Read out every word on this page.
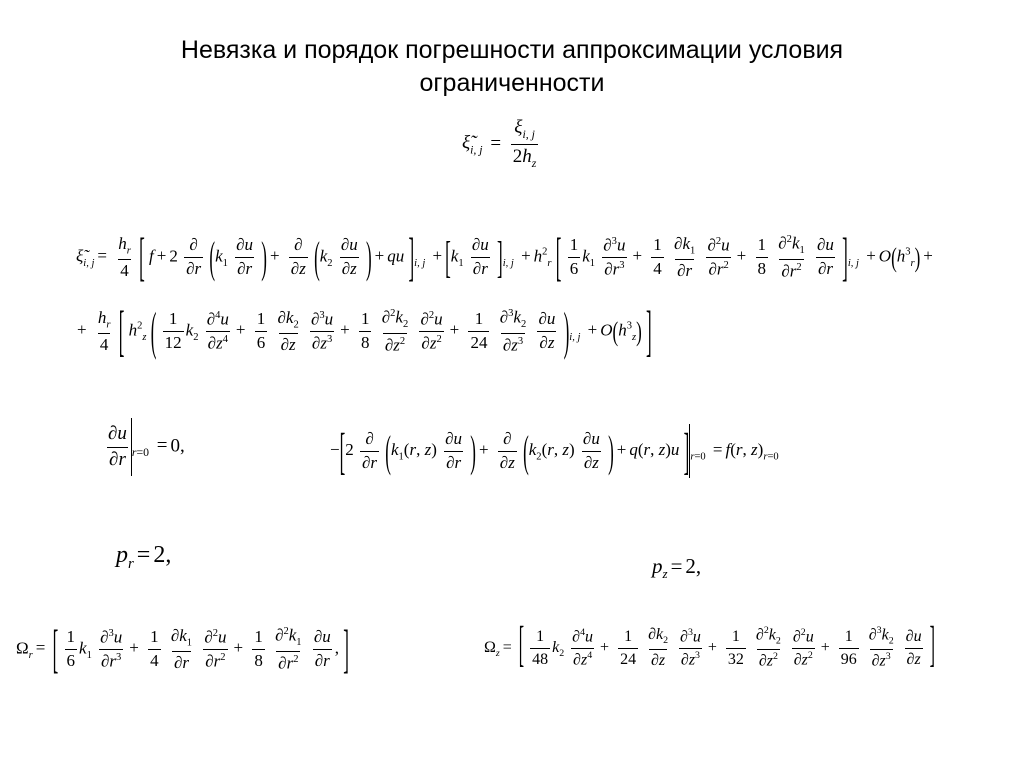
Невязка и порядок погрешности аппроксимации условия ограниченности
$\xĩ_{i, j} = \frac{\xi_{i, j}}{2h_z}$
$\xĩ_{i, j} = \frac{h_r}{4}$ [ f + 2
∂
∂r ($k_1 \frac{\partial u}{\partial r}$ ) +
∂
∂z ($k_2 \frac{\partial u}{\partial z}$ ) + qu ]$_{i, j} + [k_1 \frac{\partial u}{\partial r} ]_{i, j} + h^2_r$ [ $\frac{1}{6} k_1 \frac{\partial^3u}{\partial r^3} + \frac{1}{4}$
$\frac{\partial k_1}{\partial r}$
$\frac{\partial^2u}{\partial r^2} + \frac{1}{8}$
$\frac{\partial^2k_1}{\partial r^2}$
$\frac{\partial u}{\partial r} ]_{i, j} + O(h^3_r)$ +
+ $\frac{h_r}{4}$ [ $h^2_z$ ( $\frac{1}{12} k_2 \frac{\partial^4u}{\partial z^4} + \frac{1}{6}$
$\frac{\partial k_2}{\partial z}$
$\frac{\partial^3u}{\partial z^3} + \frac{1}{8}$
$\frac{\partial^2k_2}{\partial z^2}$
$\frac{\partial^2u}{\partial z^2} + \frac{1}{24}$
$\frac{\partial^3k_2}{\partial z^3}$
$\frac{\partial u}{\partial z} )_{i, j} + O(h^3_z)$ ]
$\frac{\partial u}{\partial r} _{r=0} = 0$,	−[2
∂
∂r ($k_1(r$, $z) \frac{\partial u}{\partial r}$ ) +
∂
∂z ($k_2(r$, $z) \frac{\partial u}{\partial z}$ ) + q(r, z)u ]$_{r=0} = f(r$, $z)_{r=0}$
$p_r = 2$,	$p_z = 2$,
$\Omega_r$ = [ $\frac{1}{6} k_1 \frac{\partial^3u}{\partial r^3} + \frac{1}{4}$
$\frac{\partial k_1}{\partial r}$
$\frac{\partial^2u}{\partial r^2} + \frac{1}{8}$
$\frac{\partial^2k_1}{\partial r^2}$
$\frac{\partial u}{\partial r}$ , ]	$\Omega_z$ = [ $\frac{1}{48} k_2 \frac{\partial^4u}{\partial z^4} + \frac{1}{24}$
$\frac{\partial k_2}{\partial z}$
$\frac{\partial^3u}{\partial z^3} + \frac{1}{32}$
$\frac{\partial^2k_2}{\partial z^2}$
$\frac{\partial^2u}{\partial z^2} + \frac{1}{96}$
$\frac{\partial^3k_2}{\partial z^3}$
$\frac{\partial u}{\partial z}$ ]
